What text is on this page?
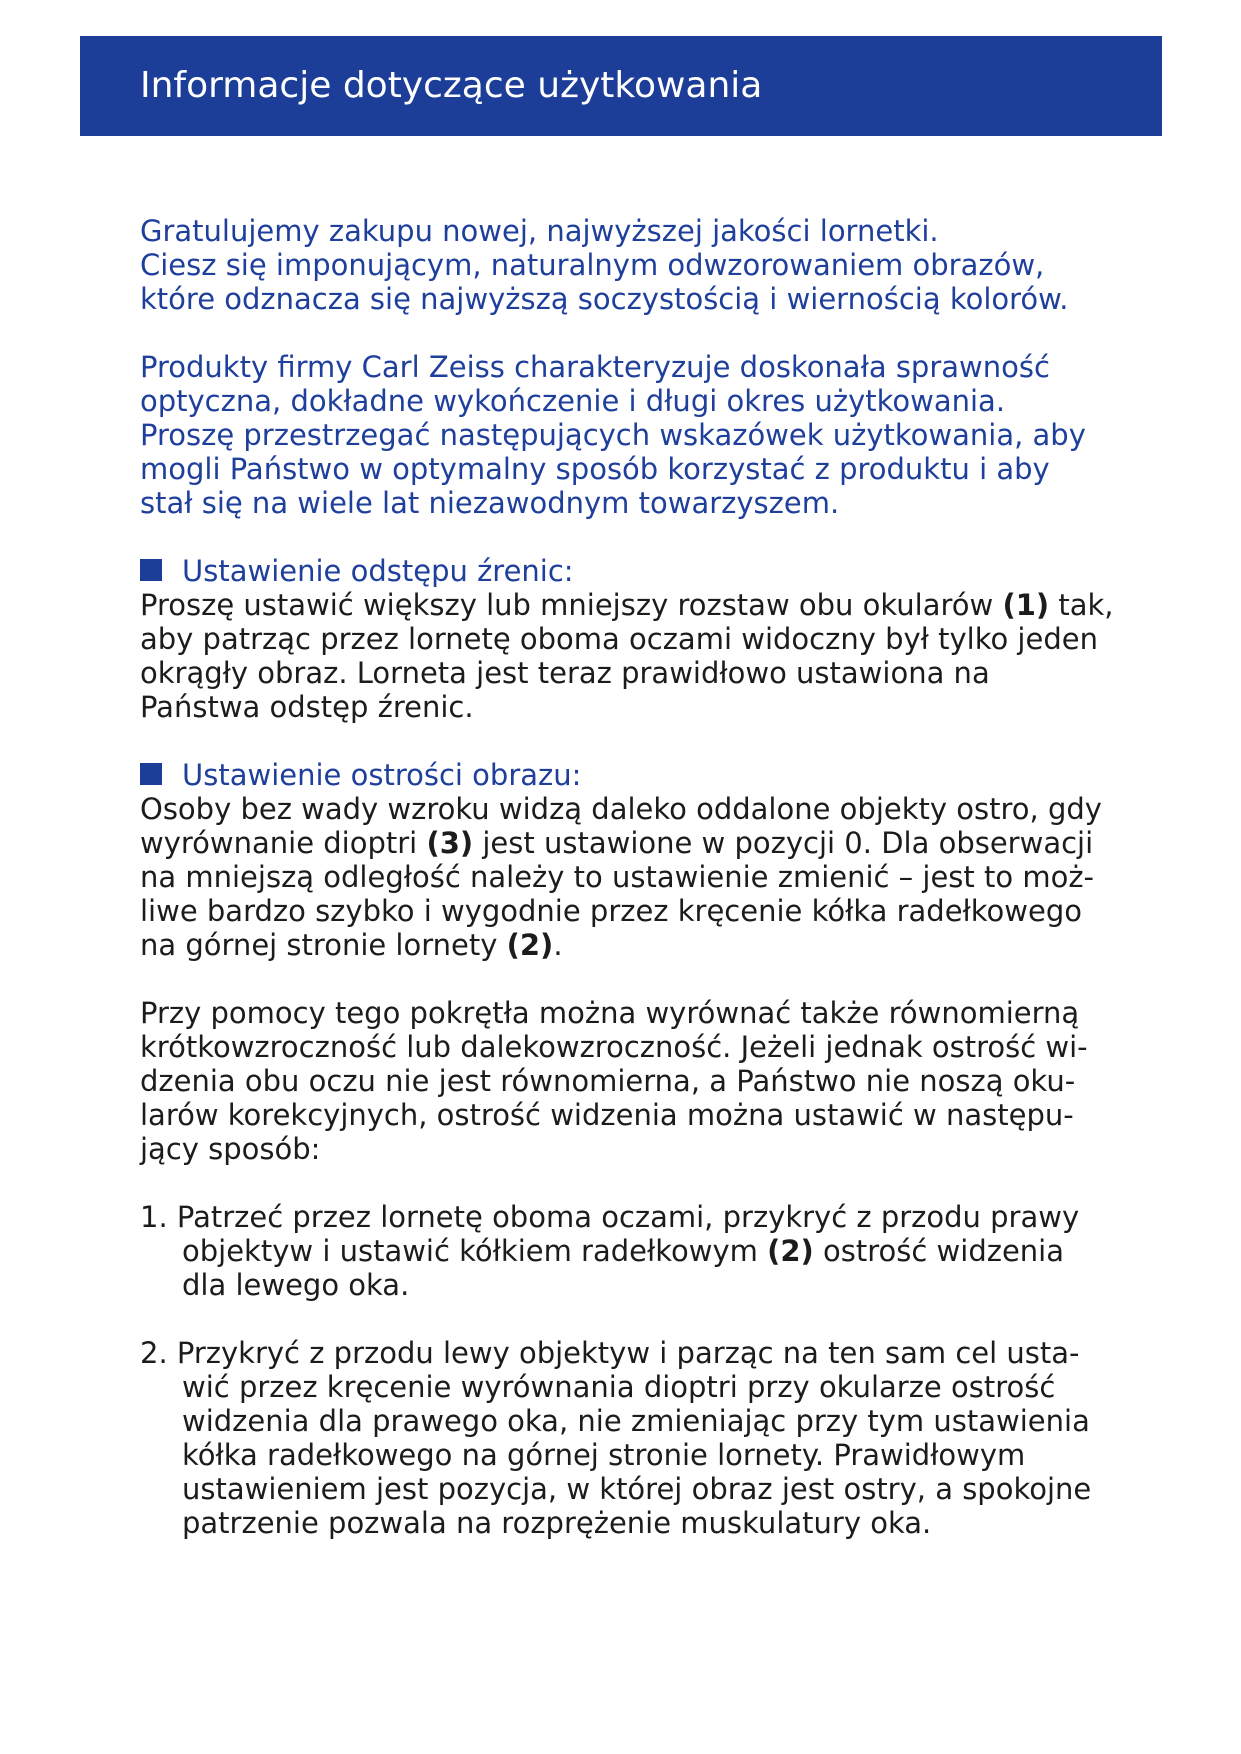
Informacje dotyczące użytkowania

Gratulujemy zakupu nowej, najwyższej jakości lornetki.
Ciesz się imponującym, naturalnym odwzorowaniem obrazów,
które odznacza się najwyższą soczystością i wiernością kolorów.

Produkty firmy Carl Zeiss charakteryzuje doskonała sprawność
optyczna, dokładne wykończenie i długi okres użytkowania.
Proszę przestrzegać następujących wskazówek użytkowania, aby
mogli Państwo w optymalny sposób korzystać z produktu i aby
stał się na wiele lat niezawodnym towarzyszem.

Ustawienie odstępu źrenic:

Proszę ustawić większy lub mniejszy rozstaw obu okularów (1) tak,
aby patrząc przez lornetę oboma oczami widoczny był tylko jeden
okrągły obraz. Lorneta jest teraz prawidłowo ustawiona na
Państwa odstęp źrenic.

Ustawienie ostrości obrazu:

Osoby bez wady wzroku widzą daleko oddalone objekty ostro, gdy
wyrównanie dioptri (3) jest ustawione w pozycji 0. Dla obserwacji
na mniejszą odległość należy to ustawienie zmienić – jest to moż-
liwe bardzo szybko i wygodnie przez kręcenie kółka radełkowego
na górnej stronie lornety (2).

Przy pomocy tego pokrętła można wyrównać także równomierną
krótkowzroczność lub dalekowzroczność. Jeżeli jednak ostrość wi-
dzenia obu oczu nie jest równomierna, a Państwo nie noszą oku-
larów korekcyjnych, ostrość widzenia można ustawić w następu-
jący sposób:

1. Patrzeć przez lornetę oboma oczami, przykryć z przodu prawy
objektyw i ustawić kółkiem radełkowym (2) ostrość widzenia
dla lewego oka.
2. Przykryć z przodu lewy objektyw i parząc na ten sam cel usta-
wić przez kręcenie wyrównania dioptri przy okularze ostrość
widzenia dla prawego oka, nie zmieniając przy tym ustawienia
kółka radełkowego na górnej stronie lornety. Prawidłowym
ustawieniem jest pozycja, w której obraz jest ostry, a spokojne
patrzenie pozwala na rozprężenie muskulatury oka.
